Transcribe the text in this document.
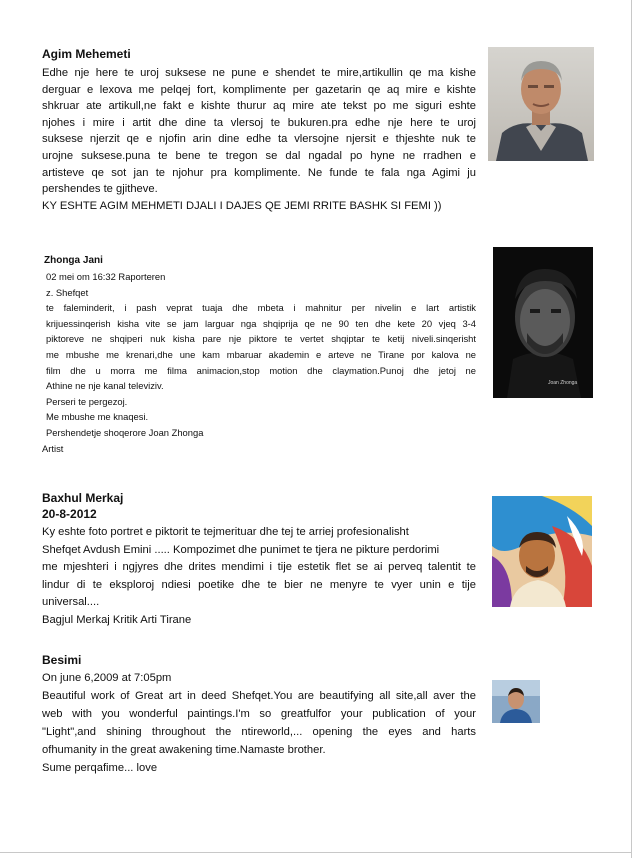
Agim Mehemeti
Edhe nje here te uroj suksese ne pune e shendet te mire,artikullin qe ma kishe
derguar e lexova me pelqej fort, komplimente per gazetarin qe aq mire e kishte
shkruar ate artikull,ne fakt e kishte thurur aq mire ate tekst po me siguri eshte
njohes i mire i artit dhe dine ta vlersoj te bukuren.pra edhe nje here te uroj
suksese njerzit qe e njofin arin dine edhe ta vlersojne njersit e thjeshte nuk te
urojne suksese.puna te bene te tregon se dal ngadal po hyne ne rradhen e
artisteve qe sot jan te njohur pra komplimente. Ne funde te fala nga Agimi ju
pershendes te gjitheve.
KY ESHTE AGIM MEHMETI DJALI I DAJES QE JEMI RRITE BASHK SI FEMI ))
Zhonga Jani
02 mei om 16:32 Raporteren
z. Shefqet
te faleminderit, i pash veprat tuaja dhe mbeta i mahnitur per nivelin e lart artistik
krijuessinqerish kisha vite se jam larguar nga shqiprija qe ne 90 ten dhe kete 20 vjeq 3-4
piktoreve ne shqiperi nuk kisha pare nje piktore te vertet shqiptar te ketij niveli.sinqerisht
me mbushe me krenari,dhe une kam mbaruar akademin e arteve ne Tirane por kalova ne
film dhe u morra me filma animacion,stop motion dhe claymation.Punoj dhe jetoj ne
Athine ne nje kanal televiziv.
Perseri te pergezoj.
Me mbushe me knaqesi.
Pershendetje shoqerore Joan Zhonga
Artist
Joan Zhonga
Baxhul Merkaj
20-8-2012
Ky eshte foto portret e piktorit te tejmerituar dhe tej te arriej profesionalisht
Shefqet Avdush Emini ..... Kompozimet dhe punimet te tjera ne pikture perdorimi
me mjeshteri i ngjyres dhe drites mendimi i tije estetik flet se ai perveq talentit te
lindur di te eksploroj ndiesi poetike dhe te bier ne menyre te vyer unin e tije
universal....
Bagjul Merkaj Kritik Arti Tirane
Besimi
On june 6,2009 at 7:05pm
Beautiful work of Great art in deed Shefqet.You are beautifying all site,all aver the
web with you wonderful paintings.I'm so greatfulfor your publication of your
"Light",and shining throughout the ntireworld,... opening the eyes and harts
ofhumanity in the great awakening time.Namaste brother.
Sume perqafime... love
